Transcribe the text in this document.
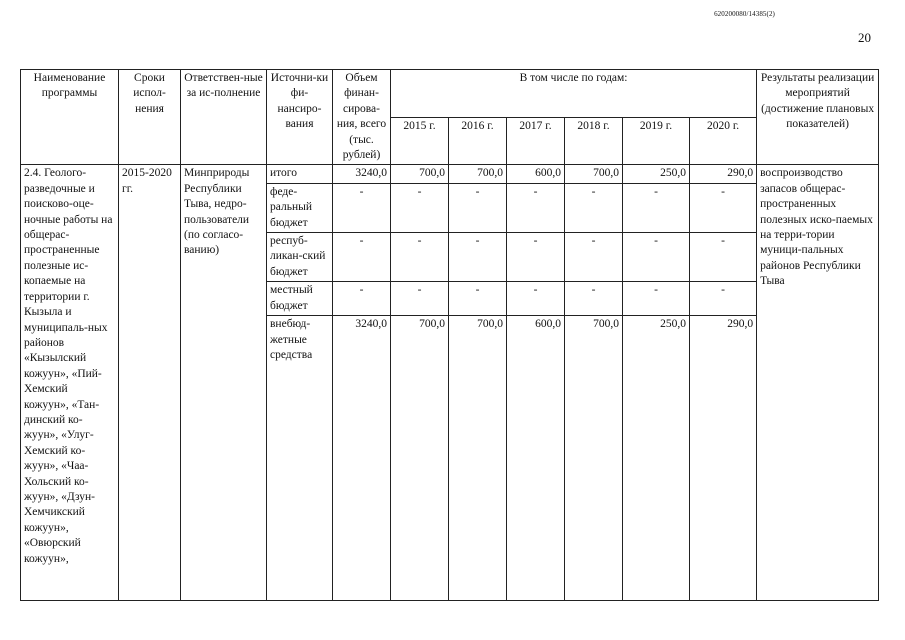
620200080/14385(2)
20
Наименование программы	Сроки испол-нения	Ответствен-ные за ис-полнение	Источни-ки фи-нансиро-вания	Объем финан-сирова-ния, всего (тыс. рублей)	В том числе по годам:						Результаты реализации мероприятий (достижение плановых показателей)
					2015 г.	2016 г.	2017 г.	2018 г.	2019 г.	2020 г.	
2.4. Геолого-разведочные и поисково-оце-ночные работы на общерас-пространенные полезные ис-копаемые на территории г. Кызыла и муниципаль-ных районов «Кызылский кожуун», «Пий-Хемский кожуун», «Тан-динский ко-жуун», «Улуг-Хемский ко-жуун», «Чаа-Хольский ко-жуун», «Дзун-Хемчикский кожуун», «Овюрский кожуун»,	2015-2020 гг.	Минприроды Республики Тыва, недро-пользователи (по согласо-ванию)	итого	3240,0	700,0	700,0	600,0	700,0	250,0	290,0	воспроизводство запасов общерас-пространенных полезных иско-паемых на терри-тории муници-пальных районов Республики Тыва
			феде-ральный бюджет	-	-	-	-	-	-	-	
			респуб-ликан-ский бюджет	-	-	-	-	-	-	-	
			местный бюджет	-	-	-	-	-	-	-	
			внебюд-жетные средства	3240,0	700,0	700,0	600,0	700,0	250,0	290,0	
